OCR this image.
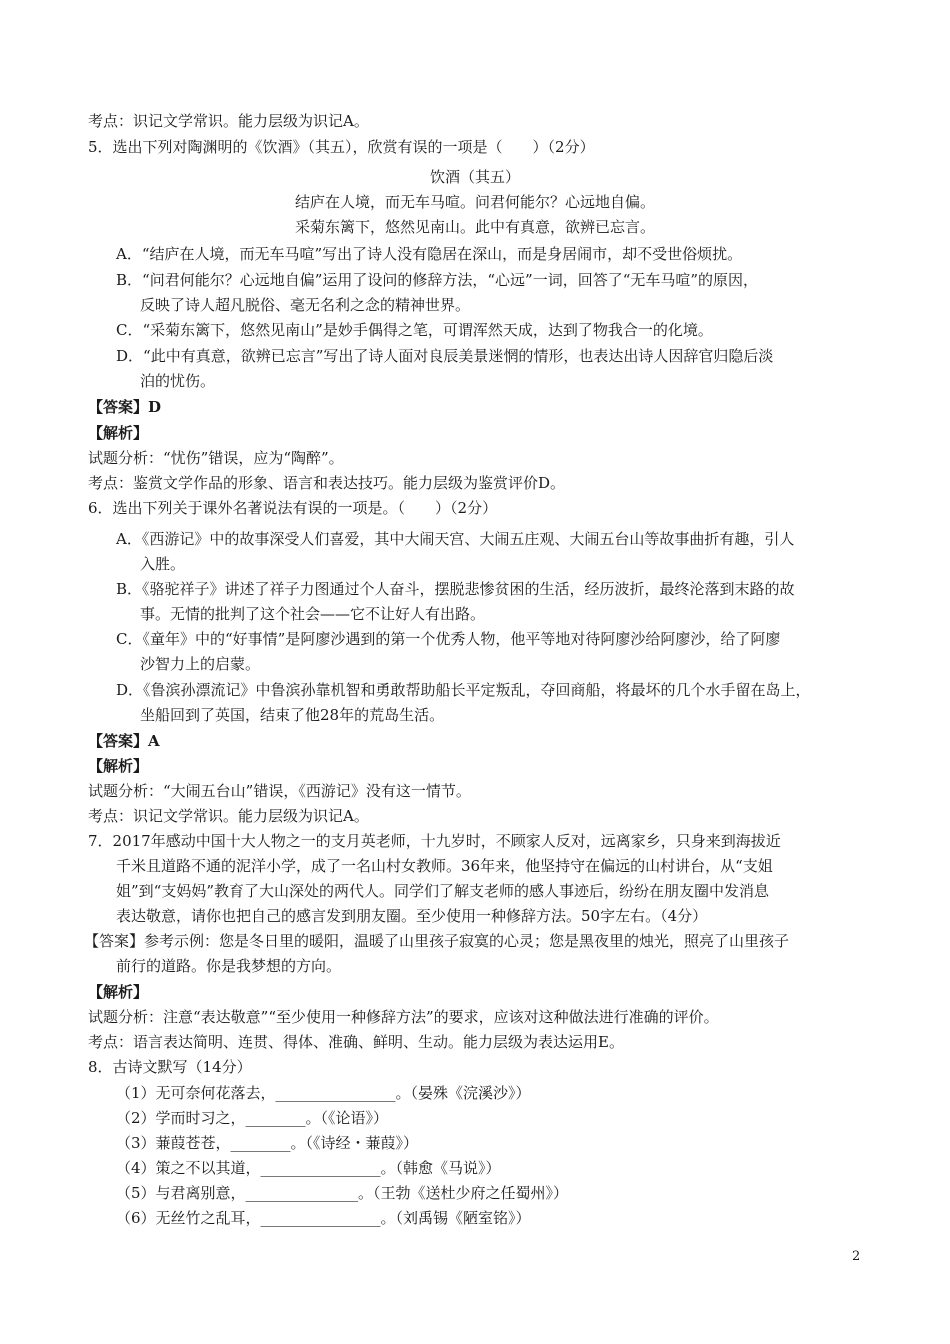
考点：识记文学常识。能力层级为识记A。
5．选出下列对陶渊明的《饮酒》（其五），欣赏有误的一项是（　　）（2分）
饮酒（其五）
结庐在人境，而无车马喧。问君何能尔？心远地自偏。
采菊东篱下，悠然见南山。此中有真意，欲辨已忘言。
A．“结庐在人境，而无车马喧”写出了诗人没有隐居在深山，而是身居闹市，却不受世俗烦扰。
B．“问君何能尔？心远地自偏”运用了设问的修辞方法，“心远”一词，回答了“无车马喧”的原因，
反映了诗人超凡脱俗、毫无名利之念的精神世界。
C．“采菊东篱下，悠然见南山”是妙手偶得之笔，可谓浑然天成，达到了物我合一的化境。
D．“此中有真意，欲辨已忘言”写出了诗人面对良辰美景迷惘的情形，也表达出诗人因辞官归隐后淡
泊的忧伤。
【答案】D
【解析】
试题分析：“忧伤”错误，应为“陶醉”。
考点：鉴赏文学作品的形象、语言和表达技巧。能力层级为鉴赏评价D。
6．选出下列关于课外名著说法有误的一项是。（　　）（2分）
A．《西游记》中的故事深受人们喜爱，其中大闹天宫、大闹五庄观、大闹五台山等故事曲折有趣，引人
入胜。
B．《骆驼祥子》讲述了祥子力图通过个人奋斗，摆脱悲惨贫困的生活，经历波折，最终沦落到末路的故
事。无情的批判了这个社会——它不让好人有出路。
C．《童年》中的“好事情”是阿廖沙遇到的第一个优秀人物，他平等地对待阿廖沙给阿廖沙，给了阿廖
沙智力上的启蒙。
D．《鲁滨孙漂流记》中鲁滨孙靠机智和勇敢帮助船长平定叛乱，夺回商船，将最坏的几个水手留在岛上，
坐船回到了英国，结束了他28年的荒岛生活。
【答案】A
【解析】
试题分析：“大闹五台山”错误，《西游记》没有这一情节。
考点：识记文学常识。能力层级为识记A。
7．2017年感动中国十大人物之一的支月英老师，十九岁时，不顾家人反对，远离家乡，只身来到海拔近
千米且道路不通的泥洋小学，成了一名山村女教师。36年来，他坚持守在偏远的山村讲台，从“支姐
姐”到“支妈妈”教育了大山深处的两代人。同学们了解支老师的感人事迹后，纷纷在朋友圈中发消息
表达敬意，请你也把自己的感言发到朋友圈。至少使用一种修辞方法。50字左右。（4分）
【答案】参考示例：您是冬日里的暖阳，温暖了山里孩子寂寞的心灵；您是黑夜里的烛光，照亮了山里孩子
前行的道路。你是我梦想的方向。
【解析】
试题分析：注意“表达敬意”“至少使用一种修辞方法”的要求，应该对这种做法进行准确的评价。
考点：语言表达简明、连贯、得体、准确、鲜明、生动。能力层级为表达运用E。
8．古诗文默写（14分）
（1）无可奈何花落去，________________。（晏殊《浣溪沙》）
（2）学而时习之，________。（《论语》）
（3）蒹葭苍苍，________。（《诗经・蒹葭》）
（4）策之不以其道，________________。（韩愈《马说》）
（5）与君离别意，_______________。（王勃《送杜少府之任蜀州》）
（6）无丝竹之乱耳，________________。（刘禹锡《陋室铭》）
2
